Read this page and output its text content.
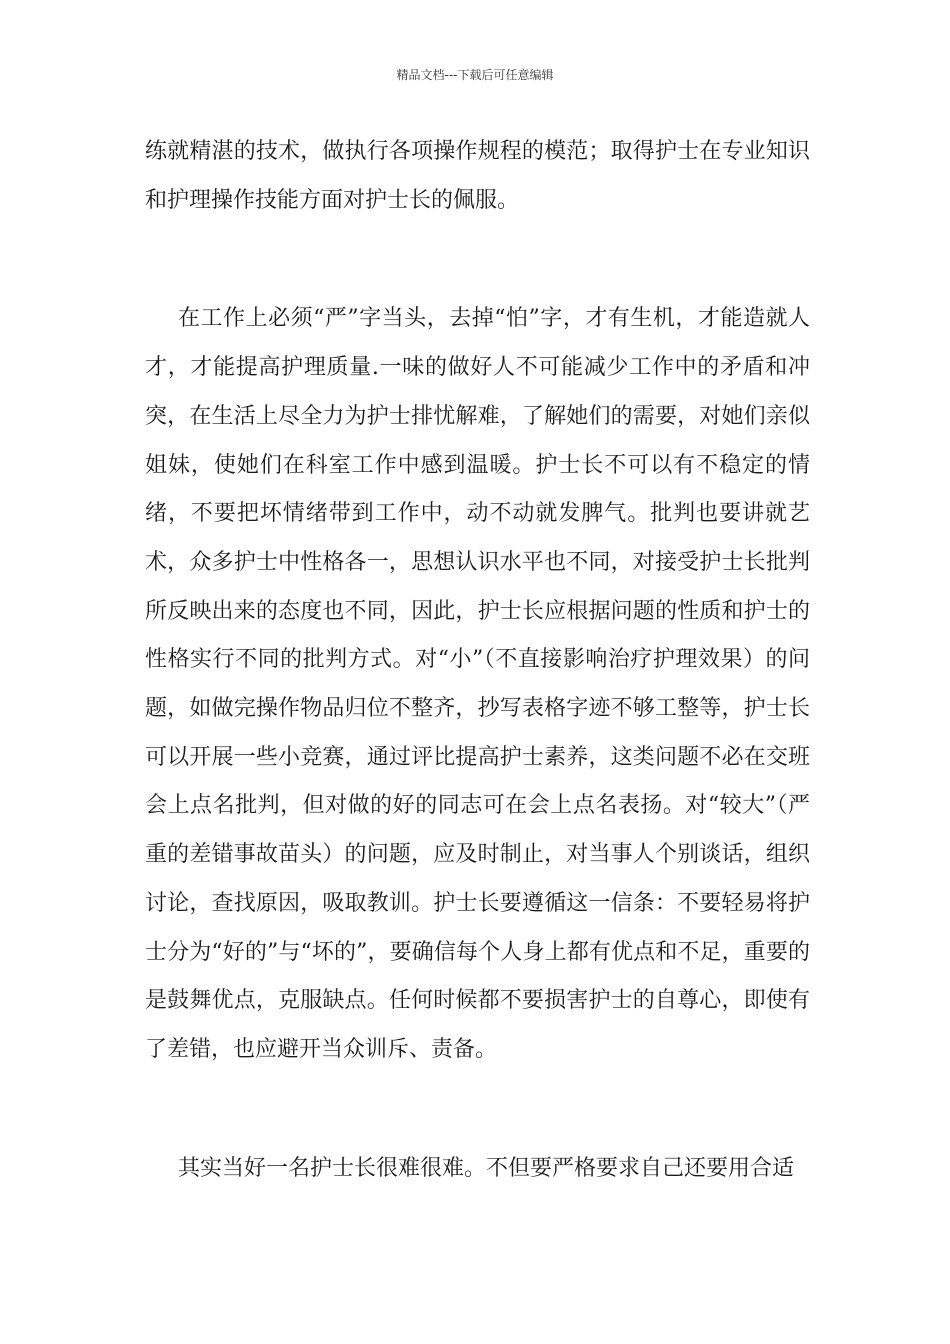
精品文档---下载后可任意编辑

练就精湛的技术，做执行各项操作规程的模范；取得护士在专业知识和护理操作技能方面对护士长的佩服。

在工作上必须“严”字当头，去掉“怕”字，才有生机，才能造就人才，才能提高护理质量.一味的做好人不可能减少工作中的矛盾和冲突，在生活上尽全力为护士排忧解难，了解她们的需要，对她们亲似姐妹，使她们在科室工作中感到温暖。护士长不可以有不稳定的情绪，不要把坏情绪带到工作中，动不动就发脾气。批判也要讲就艺术，众多护士中性格各一，思想认识水平也不同，对接受护士长批判所反映出来的态度也不同，因此，护士长应根据问题的性质和护士的性格实行不同的批判方式。对“小”（不直接影响治疗护理效果）的问题，如做完操作物品归位不整齐，抄写表格字迹不够工整等，护士长可以开展一些小竞赛，通过评比提高护士素养，这类问题不必在交班会上点名批判，但对做的好的同志可在会上点名表扬。对“较大”（严重的差错事故苗头）的问题，应及时制止，对当事人个别谈话，组织讨论，查找原因，吸取教训。护士长要遵循这一信条：不要轻易将护士分为“好的”与“坏的”，要确信每个人身上都有优点和不足，重要的是鼓舞优点，克服缺点。任何时候都不要损害护士的自尊心，即使有了差错，也应避开当众训斥、责备。

其实当好一名护士长很难很难。不但要严格要求自己还要用合适
